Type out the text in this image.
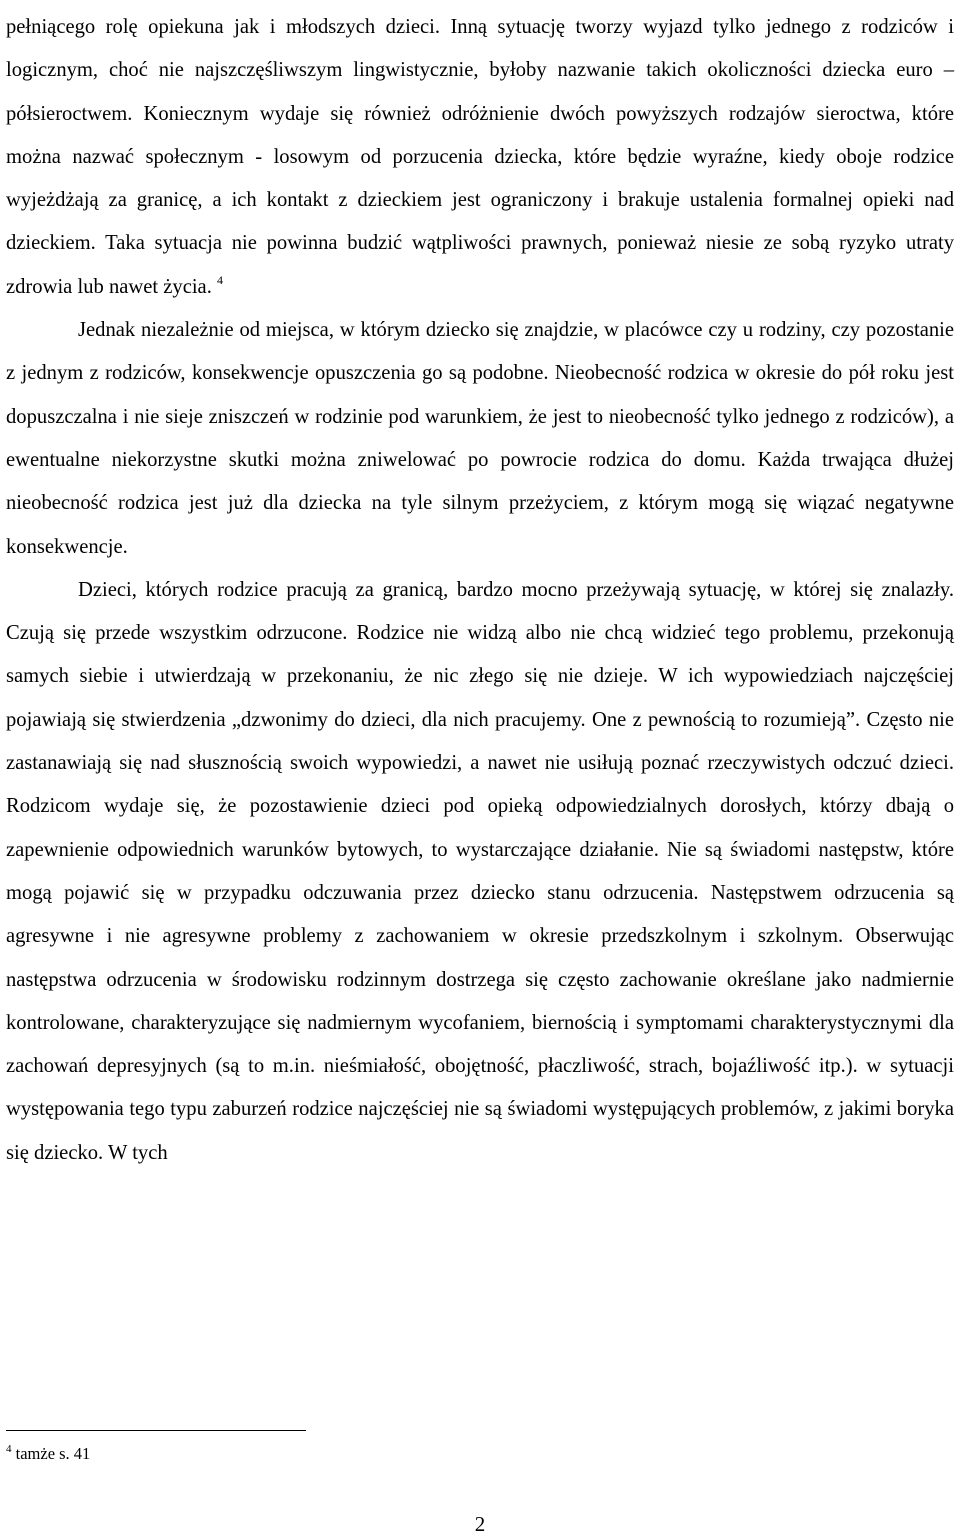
pełniącego rolę opiekuna jak i młodszych dzieci. Inną sytuację tworzy wyjazd tylko jednego z rodziców i logicznym, choć nie najszczęśliwszym lingwistycznie, byłoby nazwanie takich okoliczności dziecka euro – półsieroctwem. Koniecznym wydaje się również odróżnienie dwóch powyższych rodzajów sieroctwa, które można nazwać społecznym - losowym od porzucenia dziecka, które będzie wyraźne, kiedy oboje rodzice wyjeżdżają za granicę, a ich kontakt z dzieckiem jest ograniczony i brakuje ustalenia formalnej opieki nad dzieckiem. Taka sytuacja nie powinna budzić wątpliwości prawnych, ponieważ niesie ze sobą ryzyko utraty zdrowia lub nawet życia. $^4$

Jednak niezależnie od miejsca, w którym dziecko się znajdzie, w placówce czy u rodziny, czy pozostanie z jednym z rodziców, konsekwencje opuszczenia go są podobne. Nieobecność rodzica w okresie do pół roku jest dopuszczalna i nie sieje zniszczeń w rodzinie pod warunkiem, że jest to nieobecność tylko jednego z rodziców), a ewentualne niekorzystne skutki można zniwelować po powrocie rodzica do domu. Każda trwająca dłużej nieobecność rodzica jest już dla dziecka na tyle silnym przeżyciem, z którym mogą się wiązać negatywne konsekwencje.

Dzieci, których rodzice pracują za granicą, bardzo mocno przeżywają sytuację, w której się znalazły. Czują się przede wszystkim odrzucone. Rodzice nie widzą albo nie chcą widzieć tego problemu, przekonują samych siebie i utwierdzają w przekonaniu, że nic złego się nie dzieje. W ich wypowiedziach najczęściej pojawiają się stwierdzenia „dzwonimy do dzieci, dla nich pracujemy. One z pewnością to rozumieją”. Często nie zastanawiają się nad słusznością swoich wypowiedzi, a nawet nie usiłują poznać rzeczywistych odczuć dzieci. Rodzicom wydaje się, że pozostawienie dzieci pod opieką odpowiedzialnych dorosłych, którzy dbają o zapewnienie odpowiednich warunków bytowych, to wystarczające działanie. Nie są świadomi następstw, które mogą pojawić się w przypadku odczuwania przez dziecko stanu odrzucenia. Następstwem odrzucenia są agresywne i nie agresywne problemy z zachowaniem w okresie przedszkolnym i szkolnym. Obserwując następstwa odrzucenia w środowisku rodzinnym dostrzega się często zachowanie określane jako nadmiernie kontrolowane, charakteryzujące się nadmiernym wycofaniem, biernością i symptomami charakterystycznymi dla zachowań depresyjnych (są to m.in. nieśmiałość, obojętność, płaczliwość, strach, bojaźliwość itp.). w sytuacji występowania tego typu zaburzeń rodzice najczęściej nie są świadomi występujących problemów, z jakimi boryka się dziecko. W tych

$^4$ tamże s. 41
2
